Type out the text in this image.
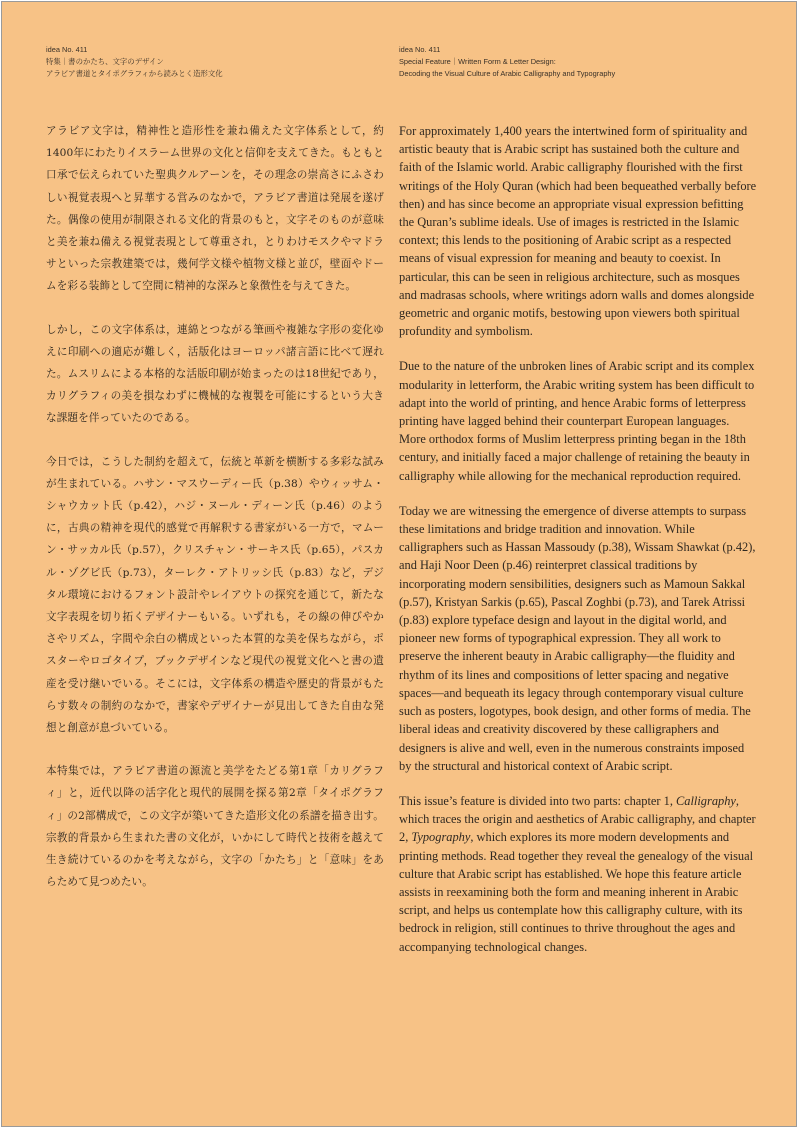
idea No. 411
特集｜書のかたち、文字のデザイン
アラビア書道とタイポグラフィから読みとく造形文化
idea No. 411
Special Feature｜Written Form & Letter Design:
Decoding the Visual Culture of Arabic Calligraphy and Typography

アラビア文字は，精神性と造形性を兼ね備えた文字体系として，約1400年にわたりイスラーム世界の文化と信仰を支えてきた。もともと口承で伝えられていた聖典クルアーンを，その理念の崇高さにふさわしい視覚表現へと昇華する営みのなかで，アラビア書道は発展を遂げた。偶像の使用が制限される文化的背景のもと，文字そのものが意味と美を兼ね備える視覚表現として尊重され，とりわけモスクやマドラサといった宗教建築では，幾何学文様や植物文様と並び，壁面やドームを彩る装飾として空間に精神的な深みと象徴性を与えてきた。

しかし，この文字体系は，連綿とつながる筆画や複雑な字形の変化ゆえに印刷への適応が難しく，活版化はヨーロッパ諸言語に比べて遅れた。ムスリムによる本格的な活版印刷が始まったのは18世紀であり，カリグラフィの美を損なわずに機械的な複製を可能にするという大きな課題を伴っていたのである。

今日では，こうした制約を超えて，伝統と革新を横断する多彩な試みが生まれている。ハサン・マスウーディー氏（p.38）やウィッサム・シャウカット氏（p.42），ハジ・ヌール・ディーン氏（p.46）のように，古典の精神を現代的感覚で再解釈する書家がいる一方で，マムーン・サッカル氏（p.57），クリスチャン・サーキス氏（p.65），パスカル・ゾグビ氏（p.73），ターレク・アトリッシ氏（p.83）など，デジタル環境におけるフォント設計やレイアウトの探究を通じて，新たな文字表現を切り拓くデザイナーもいる。いずれも，その線の伸びやかさやリズム，字間や余白の構成といった本質的な美を保ちながら，ポスターやロゴタイプ，ブックデザインなど現代の視覚文化へと書の遺産を受け継いでいる。そこには，文字体系の構造や歴史的背景がもたらす数々の制約のなかで，書家やデザイナーが見出してきた自由な発想と創意が息づいている。

本特集では，アラビア書道の源流と美学をたどる第1章「カリグラフィ」と，近代以降の活字化と現代的展開を探る第2章「タイポグラフィ」の2部構成で，この文字が築いてきた造形文化の系譜を描き出す。宗教的背景から生まれた書の文化が，いかにして時代と技術を越えて生き続けているのかを考えながら，文字の「かたち」と「意味」をあらためて見つめたい。

For approximately 1,400 years the intertwined form of spirituality and artistic beauty that is Arabic script has sustained both the culture and faith of the Islamic world. Arabic calligraphy flourished with the first writings of the Holy Quran (which had been bequeathed verbally before then) and has since become an appropriate visual expression befitting the Quran’s sublime ideals. Use of images is restricted in the Islamic context; this lends to the positioning of Arabic script as a respected means of visual expression for meaning and beauty to coexist. In particular, this can be seen in religious architecture, such as mosques and madrasas schools, where writings adorn walls and domes alongside geometric and organic motifs, bestowing upon viewers both spiritual profundity and symbolism.

Due to the nature of the unbroken lines of Arabic script and its complex modularity in letterform, the Arabic writing system has been difficult to adapt into the world of printing, and hence Arabic forms of letterpress printing have lagged behind their counterpart European languages. More orthodox forms of Muslim letterpress printing began in the 18th century, and initially faced a major challenge of retaining the beauty in calligraphy while allowing for the mechanical reproduction required.

Today we are witnessing the emergence of diverse attempts to surpass these limitations and bridge tradition and innovation. While calligraphers such as Hassan Massoudy (p.38), Wissam Shawkat (p.42), and Haji Noor Deen (p.46) reinterpret classical traditions by incorporating modern sensibilities, designers such as Mamoun Sakkal (p.57), Kristyan Sarkis (p.65), Pascal Zoghbi (p.73), and Tarek Atrissi (p.83) explore typeface design and layout in the digital world, and pioneer new forms of typographical expression. They all work to preserve the inherent beauty in Arabic calligraphy—the fluidity and rhythm of its lines and compositions of letter spacing and negative spaces—and bequeath its legacy through contemporary visual culture such as posters, logotypes, book design, and other forms of media. The liberal ideas and creativity discovered by these calligraphers and designers is alive and well, even in the numerous constraints imposed by the structural and historical context of Arabic script.

This issue’s feature is divided into two parts: chapter 1, Calligraphy, which traces the origin and aesthetics of Arabic calligraphy, and chapter 2, Typography, which explores its more modern developments and printing methods. Read together they reveal the genealogy of the visual culture that Arabic script has established. We hope this feature article assists in reexamining both the form and meaning inherent in Arabic script, and helps us contemplate how this calligraphy culture, with its bedrock in religion, still continues to thrive throughout the ages and accompanying technological changes.
